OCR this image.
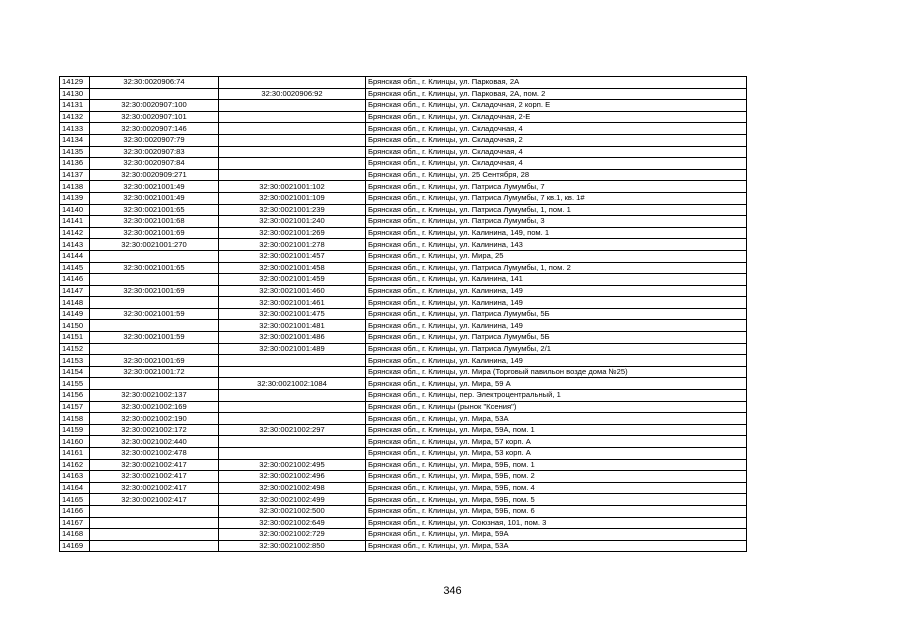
14129	32:30:0020906:74		Брянская обл., г. Клинцы, ул. Парковая, 2А
14130		32:30:0020906:92	Брянская обл., г. Клинцы, ул. Парковая, 2А, пом. 2
14131	32:30:0020907:100		Брянская обл., г. Клинцы, ул. Складочная, 2 корп. Е
14132	32:30:0020907:101		Брянская обл., г. Клинцы, ул. Складочная, 2-Е
14133	32:30:0020907:146		Брянская обл., г. Клинцы, ул. Складочная, 4
14134	32:30:0020907:79		Брянская обл., г. Клинцы, ул. Складочная, 2
14135	32:30:0020907:83		Брянская обл., г. Клинцы, ул. Складочная, 4
14136	32:30:0020907:84		Брянская обл., г. Клинцы, ул. Складочная, 4
14137	32:30:0020909:271		Брянская обл., г. Клинцы, ул. 25 Сентября, 28
14138	32:30:0021001:49	32:30:0021001:102	Брянская обл., г. Клинцы, ул. Патриса Лумумбы, 7
14139	32:30:0021001:49	32:30:0021001:109	Брянская обл., г. Клинцы, ул. Патриса Лумумбы, 7 кв.1, кв. 1#
14140	32:30:0021001:65	32:30:0021001:239	Брянская обл., г. Клинцы, ул. Патриса Лумумбы, 1, пом. 1
14141	32:30:0021001:68	32:30:0021001:240	Брянская обл., г. Клинцы, ул. Патриса Лумумбы, 3
14142	32:30:0021001:69	32:30:0021001:269	Брянская обл., г. Клинцы, ул. Калинина, 149, пом. 1
14143	32:30:0021001:270	32:30:0021001:278	Брянская обл., г. Клинцы, ул. Калинина, 143
14144		32:30:0021001:457	Брянская обл., г. Клинцы, ул. Мира, 25
14145	32:30:0021001:65	32:30:0021001:458	Брянская обл., г. Клинцы, ул. Патриса Лумумбы, 1, пом. 2
14146		32:30:0021001:459	Брянская обл., г. Клинцы, ул. Калинина, 141
14147	32:30:0021001:69	32:30:0021001:460	Брянская обл., г. Клинцы, ул. Калинина, 149
14148		32:30:0021001:461	Брянская обл., г. Клинцы, ул. Калинина, 149
14149	32:30:0021001:59	32:30:0021001:475	Брянская обл., г. Клинцы, ул. Патриса Лумумбы, 5Б
14150		32:30:0021001:481	Брянская обл., г. Клинцы, ул. Калинина, 149
14151	32:30:0021001:59	32:30:0021001:486	Брянская обл., г. Клинцы, ул. Патриса Лумумбы, 5Б
14152		32:30:0021001:489	Брянская обл., г. Клинцы, ул. Патриса Лумумбы, 2/1
14153	32:30:0021001:69		Брянская обл., г. Клинцы, ул. Калинина, 149
14154	32:30:0021001:72		Брянская обл., г. Клинцы, ул. Мира (Торговый павильон возде дома №25)
14155		32:30:0021002:1084	Брянская обл., г. Клинцы, ул. Мира, 59 А
14156	32:30:0021002:137		Брянская обл., г. Клинцы, пер. Электроцентральный, 1
14157	32:30:0021002:169		Брянская обл., г. Клинцы (рынок "Ксения")
14158	32:30:0021002:190		Брянская обл., г. Клинцы, ул. Мира, 53А
14159	32:30:0021002:172	32:30:0021002:297	Брянская обл., г. Клинцы, ул. Мира, 59А, пом. 1
14160	32:30:0021002:440		Брянская обл., г. Клинцы, ул. Мира, 57 корп. А
14161	32:30:0021002:478		Брянская обл., г. Клинцы, ул. Мира, 53 корп. А
14162	32:30:0021002:417	32:30:0021002:495	Брянская обл., г. Клинцы, ул. Мира, 59Б, пом. 1
14163	32:30:0021002:417	32:30:0021002:496	Брянская обл., г. Клинцы, ул. Мира, 59Б, пом. 2
14164	32:30:0021002:417	32:30:0021002:498	Брянская обл., г. Клинцы, ул. Мира, 59Б, пом. 4
14165	32:30:0021002:417	32:30:0021002:499	Брянская обл., г. Клинцы, ул. Мира, 59Б, пом. 5
14166		32:30:0021002:500	Брянская обл., г. Клинцы, ул. Мира, 59Б, пом. 6
14167		32:30:0021002:649	Брянская обл., г. Клинцы, ул. Союзная, 101, пом. 3
14168		32:30:0021002:729	Брянская обл., г. Клинцы, ул. Мира, 59А
14169		32:30:0021002:850	Брянская обл., г. Клинцы, ул. Мира, 53А
346
